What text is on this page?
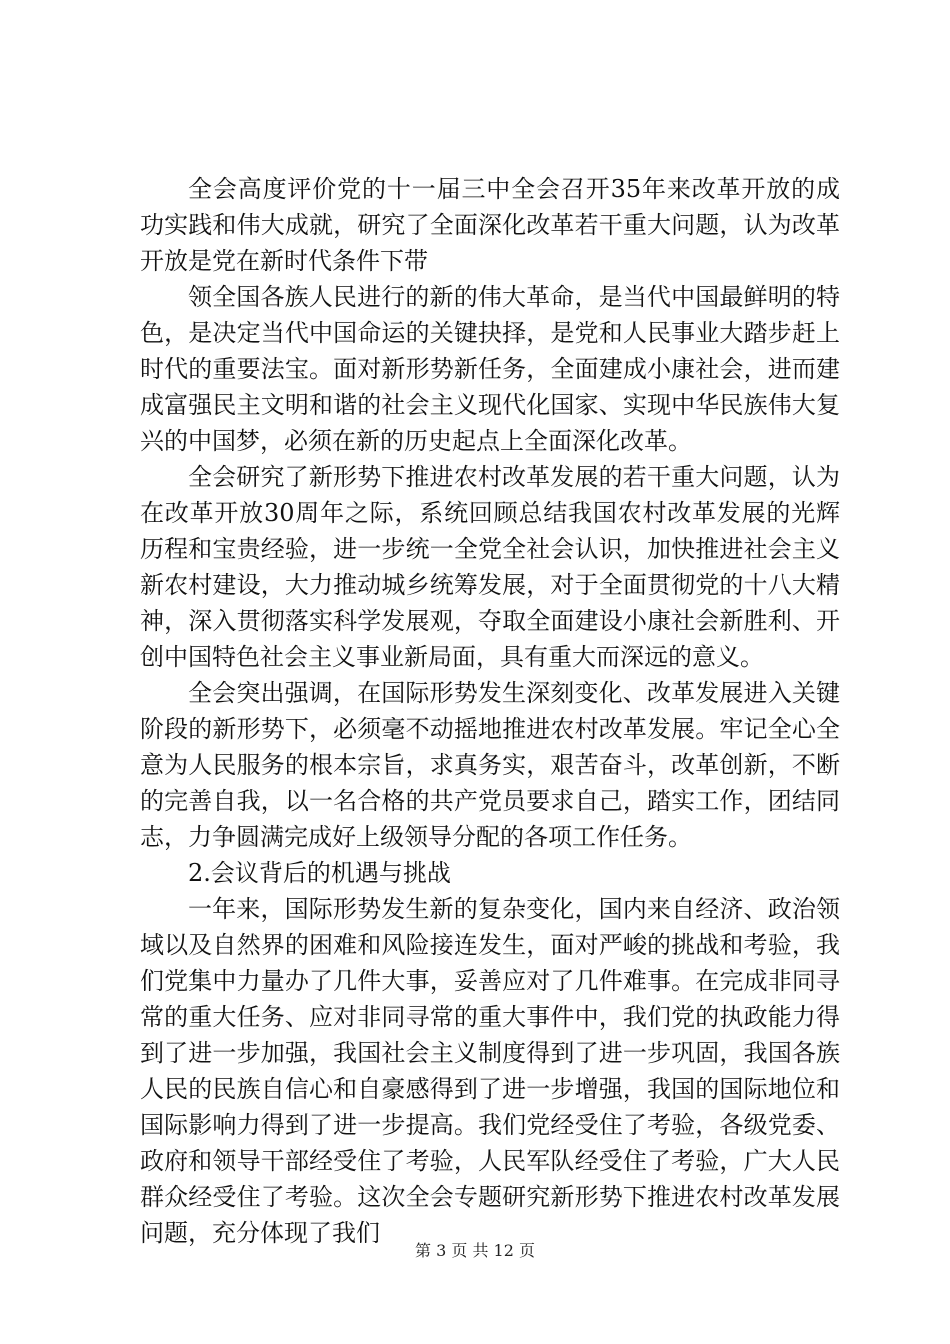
全会高度评价党的十一届三中全会召开35年来改革开放的成功实践和伟大成就，研究了全面深化改革若干重大问题，认为改革开放是党在新时代条件下带

领全国各族人民进行的新的伟大革命，是当代中国最鲜明的特色，是决定当代中国命运的关键抉择，是党和人民事业大踏步赶上时代的重要法宝。面对新形势新任务，全面建成小康社会，进而建成富强民主文明和谐的社会主义现代化国家、实现中华民族伟大复兴的中国梦，必须在新的历史起点上全面深化改革。

全会研究了新形势下推进农村改革发展的若干重大问题，认为在改革开放30周年之际，系统回顾总结我国农村改革发展的光辉历程和宝贵经验，进一步统一全党全社会认识，加快推进社会主义新农村建设，大力推动城乡统筹发展，对于全面贯彻党的十八大精神，深入贯彻落实科学发展观，夺取全面建设小康社会新胜利、开创中国特色社会主义事业新局面，具有重大而深远的意义。

全会突出强调，在国际形势发生深刻变化、改革发展进入关键阶段的新形势下，必须毫不动摇地推进农村改革发展。牢记全心全意为人民服务的根本宗旨，求真务实，艰苦奋斗，改革创新，不断的完善自我，以一名合格的共产党员要求自己，踏实工作，团结同志，力争圆满完成好上级领导分配的各项工作任务。

2.会议背后的机遇与挑战

一年来，国际形势发生新的复杂变化，国内来自经济、政治领域以及自然界的困难和风险接连发生，面对严峻的挑战和考验，我们党集中力量办了几件大事，妥善应对了几件难事。在完成非同寻常的重大任务、应对非同寻常的重大事件中，我们党的执政能力得到了进一步加强，我国社会主义制度得到了进一步巩固，我国各族人民的民族自信心和自豪感得到了进一步增强，我国的国际地位和国际影响力得到了进一步提高。我们党经受住了考验，各级党委、政府和领导干部经受住了考验，人民军队经受住了考验，广大人民群众经受住了考验。这次全会专题研究新形势下推进农村改革发展问题，充分体现了我们

第 3 页 共 12 页
